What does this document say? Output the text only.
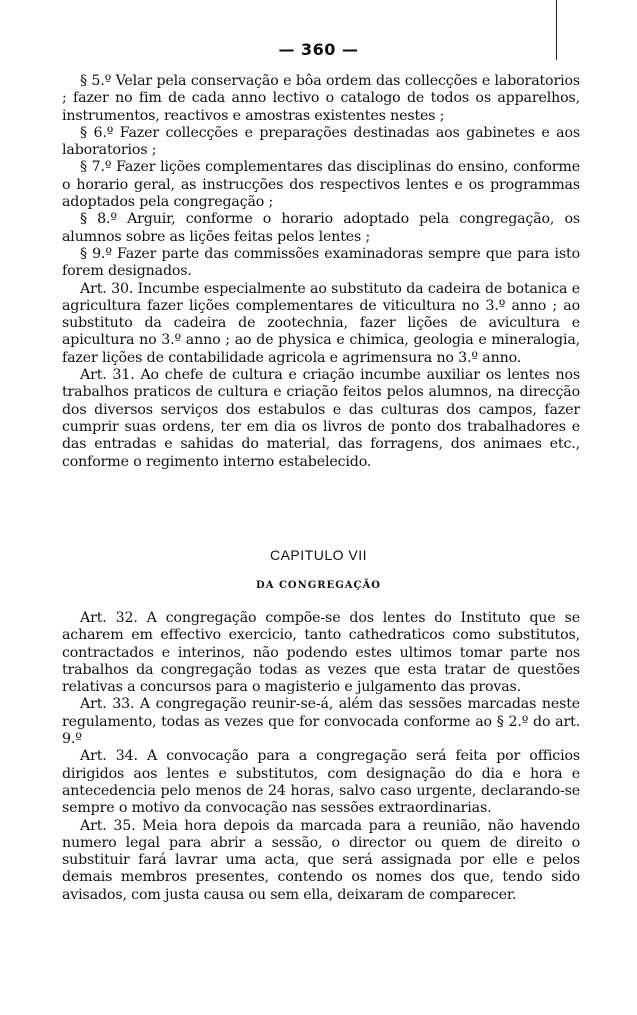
— 360 —

§ 5.º Velar pela conservação e bôa ordem das collecções e laboratorios ; fazer no fim de cada anno lectivo o catalogo de todos os apparelhos, instrumentos, reactivos e amostras existentes nestes ;

§ 6.º Fazer collecções e preparações destinadas aos gabinetes e aos laboratorios ;

§ 7.º Fazer lições complementares das disciplinas do ensino, conforme o horario geral, as instrucções dos respectivos lentes e os programmas adoptados pela congregação ;

§ 8.º Arguir, conforme o horario adoptado pela congregação, os alumnos sobre as lições feitas pelos lentes ;

§ 9.º Fazer parte das commissões examinadoras sempre que para isto forem designados.

Art. 30. Incumbe especialmente ao substituto da cadeira de botanica e agricultura fazer lições complementares de viticultura no 3.º anno ; ao substituto da cadeira de zootechnia, fazer lições de avicultura e apicultura no 3.º anno ; ao de physica e chimica, geologia e mineralogia, fazer lições de contabilidade agricola e agrimensura no 3.º anno.

Art. 31. Ao chefe de cultura e criação incumbe auxiliar os lentes nos trabalhos praticos de cultura e criação feitos pelos alumnos, na direcção dos diversos serviços dos estabulos e das culturas dos campos, fazer cumprir suas ordens, ter em dia os livros de ponto dos trabalhadores e das entradas e sahidas do material, das forragens, dos animaes etc., conforme o regimento interno estabelecido.

CAPITULO VII
DA CONGREGAÇÃO

Art. 32. A congregação compõe-se dos lentes do Instituto que se acharem em effectivo exercicio, tanto cathedraticos como substitutos, contractados e interinos, não podendo estes ultimos tomar parte nos trabalhos da congregação todas as vezes que esta tratar de questões relativas a concursos para o magisterio e julgamento das provas.

Art. 33. A congregação reunir-se-á, além das sessões marcadas neste regulamento, todas as vezes que for convocada conforme ao § 2.º do art. 9.º

Art. 34. A convocação para a congregação será feita por officios dirigidos aos lentes e substitutos, com designação do dia e hora e antecedencia pelo menos de 24 horas, salvo caso urgente, declarando-se sempre o motivo da convocação nas sessões extraordinarias.

Art. 35. Meia hora depois da marcada para a reunião, não havendo numero legal para abrir a sessão, o director ou quem de direito o substituir fará lavrar uma acta, que será assignada por elle e pelos demais membros presentes, contendo os nomes dos que, tendo sido avisados, com justa causa ou sem ella, deixaram de comparecer.
